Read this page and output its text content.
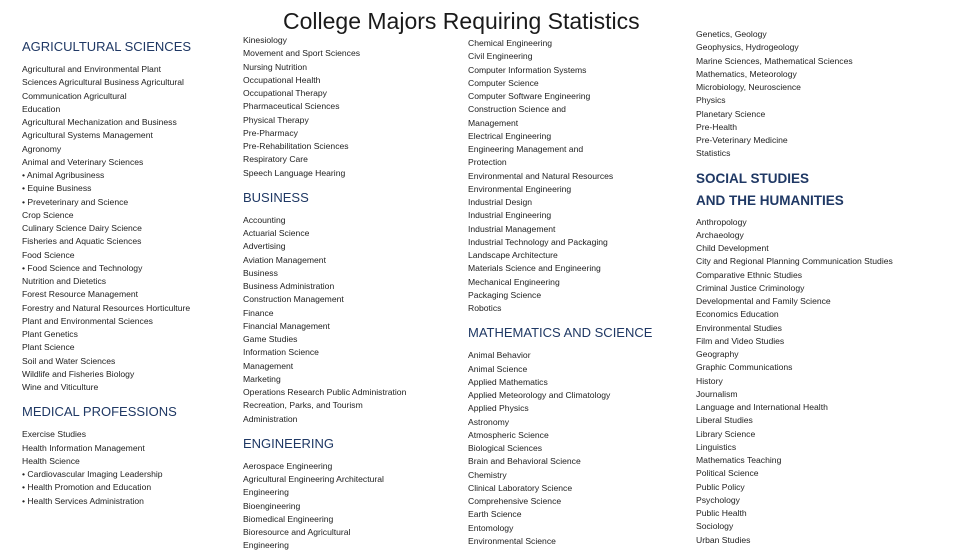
College Majors Requiring Statistics
AGRICULTURAL SCIENCES

Agricultural and Environmental Plant

Sciences Agricultural Business Agricultural

Communication Agricultural

Education

Agricultural Mechanization and Business

Agricultural Systems Management

Agronomy

Animal and Veterinary Sciences

• Animal Agribusiness

• Equine Business

• Preveterinary and Science

Crop Science

Culinary Science Dairy Science

Fisheries and Aquatic Sciences

Food Science

• Food Science and Technology

Nutrition and Dietetics

Forest Resource Management

Forestry and Natural Resources Horticulture

Plant and Environmental Sciences

Plant Genetics

Plant Science

Soil and Water Sciences

Wildlife and Fisheries Biology

Wine and Viticulture

MEDICAL PROFESSIONS

Exercise Studies

Health Information Management

Health Science

• Cardiovascular Imaging Leadership

• Health Promotion and Education

• Health Services Administration

Kinesiology

Movement and Sport Sciences

Nursing Nutrition

Occupational Health

Occupational Therapy

Pharmaceutical Sciences

Physical Therapy

Pre-Pharmacy

Pre-Rehabilitation Sciences

Respiratory Care

Speech Language Hearing

BUSINESS

Accounting

Actuarial Science

Advertising

Aviation Management

Business

Business Administration

Construction Management

Finance

Financial Management

Game Studies

Information Science

Management

Marketing

Operations Research Public Administration

Recreation, Parks, and Tourism

Administration

ENGINEERING

Aerospace Engineering

Agricultural Engineering Architectural

Engineering

Bioengineering

Biomedical Engineering

Bioresource and Agricultural

Engineering

Chemical Engineering

Civil Engineering

Computer Information Systems

Computer Science

Computer Software Engineering

Construction Science and

Management

Electrical Engineering

Engineering Management and

Protection

Environmental and Natural Resources

Environmental Engineering

Industrial Design

Industrial Engineering

Industrial Management

Industrial Technology and Packaging

Landscape Architecture

Materials Science and Engineering

Mechanical Engineering

Packaging Science

Robotics

MATHEMATICS AND SCIENCE

Animal Behavior

Animal Science

Applied Mathematics

Applied Meteorology and Climatology

Applied Physics

Astronomy

Atmospheric Science

Biological Sciences

Brain and Behavioral Science

Chemistry

Clinical Laboratory Science

Comprehensive Science

Earth Science

Entomology

Environmental Science

Genetics, Geology

Geophysics, Hydrogeology

Marine Sciences, Mathematical Sciences

Mathematics, Meteorology

Microbiology, Neuroscience

Physics

Planetary Science

Pre-Health

Pre-Veterinary Medicine

Statistics

SOCIAL STUDIES
AND THE HUMANITIES

Anthropology

Archaeology

Child Development

City and Regional Planning Communication Studies

Comparative Ethnic Studies

Criminal Justice Criminology

Developmental and Family Science

Economics Education

Environmental Studies

Film and Video Studies

Geography

Graphic Communications

History

Journalism

Language and International Health

Liberal Studies

Library Science

Linguistics

Mathematics Teaching

Political Science

Public Policy

Psychology

Public Health

Sociology

Urban Studies
